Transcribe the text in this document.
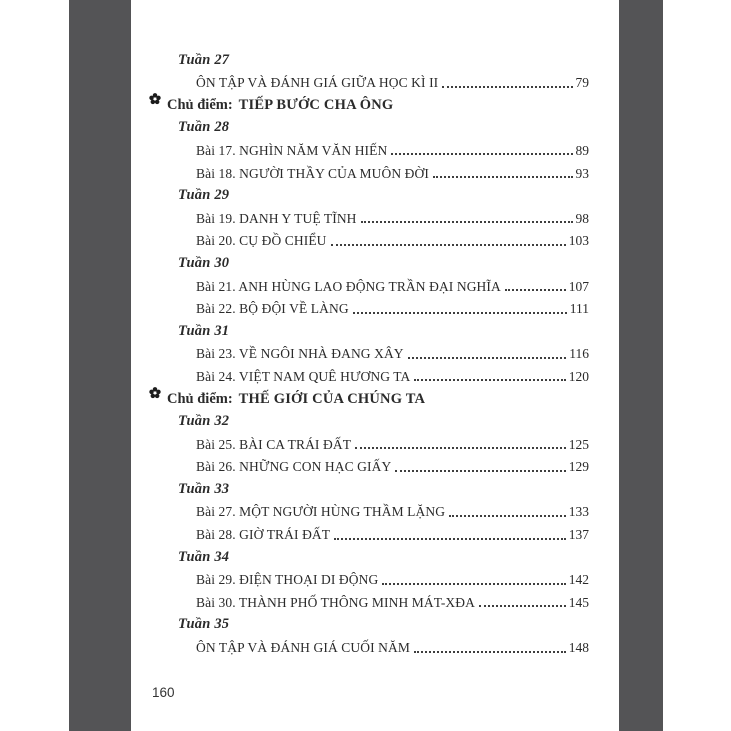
Tuần 27
ÔN TẬP VÀ ĐÁNH GIÁ GIỮA HỌC KÌ II	79
Chủ điểm: TIẾP BƯỚC CHA ÔNG
Tuần 28
Bài 17. NGHÌN NĂM VĂN HIẾN	89
Bài 18. NGƯỜI THẦY CỦA MUÔN ĐỜI	93
Tuần 29
Bài 19. DANH Y TUỆ TĨNH	98
Bài 20. CỤ ĐỒ CHIỂU	103
Tuần 30
Bài 21. ANH HÙNG LAO ĐỘNG TRẦN ĐẠI NGHĨA	107
Bài 22. BỘ ĐỘI VỀ LÀNG	111
Tuần 31
Bài 23. VỀ NGÔI NHÀ ĐANG XÂY	116
Bài 24. VIỆT NAM QUÊ HƯƠNG TA	120
Chủ điểm: THẾ GIỚI CỦA CHÚNG TA
Tuần 32
Bài 25. BÀI CA TRÁI ĐẤT	125
Bài 26. NHỮNG CON HẠC GIẤY	129
Tuần 33
Bài 27. MỘT NGƯỜI HÙNG THẦM LẶNG	133
Bài 28. GIỜ TRÁI ĐẤT	137
Tuần 34
Bài 29. ĐIỆN THOẠI DI ĐỘNG	142
Bài 30. THÀNH PHỐ THÔNG MINH MÁT-XĐA	145
Tuần 35
ÔN TẬP VÀ ĐÁNH GIÁ CUỐI NĂM	148
160
